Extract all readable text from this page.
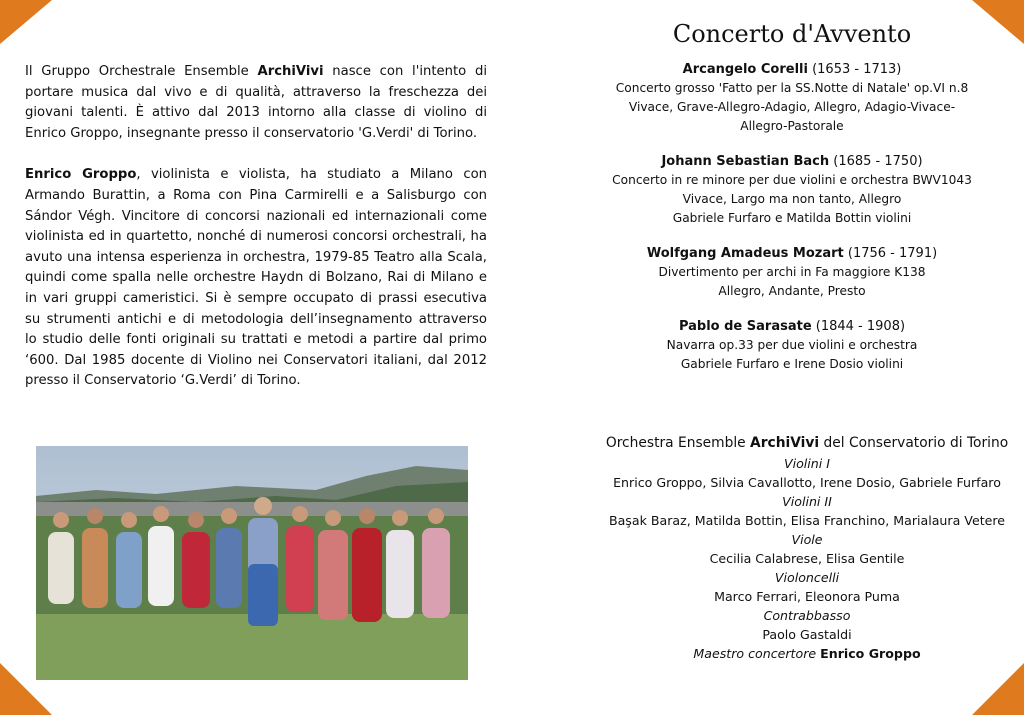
Il Gruppo Orchestrale Ensemble ArchiVivi nasce con l'intento di portare musica dal vivo e di qualità, attraverso la freschezza dei giovani talenti. È attivo dal 2013 intorno alla classe di violino di Enrico Groppo, insegnante presso il conservatorio 'G.Verdi' di Torino.

Enrico Groppo, violinista e violista, ha studiato a Milano con Armando Burattin, a Roma con Pina Carmirelli e a Salisburgo con Sándor Végh. Vincitore di concorsi nazionali ed internazionali come violinista ed in quartetto, nonché di numerosi concorsi orchestrali, ha avuto una intensa esperienza in orchestra, 1979-85 Teatro alla Scala, quindi come spalla nelle orchestre Haydn di Bolzano, Rai di Milano e in vari gruppi cameristici. Si è sempre occupato di prassi esecutiva su strumenti antichi e di metodologia dell’insegnamento attraverso lo studio delle fonti originali su trattati e metodi a partire dal primo ‘600. Dal 1985 docente di Violino nei Conservatori italiani, dal 2012 presso il Conservatorio ‘G.Verdi’ di Torino.

Concerto d'Avvento
Arcangelo Corelli (1653 - 1713)
Concerto grosso 'Fatto per la SS.Notte di Natale' op.VI n.8
Vivace, Grave-Allegro-Adagio, Allegro, Adagio-Vivace-
Allegro-Pastorale
Johann Sebastian Bach (1685 - 1750)
Concerto in re minore per due violini e orchestra BWV1043
Vivace, Largo ma non tanto, Allegro
Gabriele Furfaro e Matilda Bottin violini
Wolfgang Amadeus Mozart (1756 - 1791)
Divertimento per archi in Fa maggiore K138
Allegro, Andante, Presto
Pablo de Sarasate (1844 - 1908)
Navarra op.33 per due violini e orchestra
Gabriele Furfaro e Irene Dosio violini
Orchestra Ensemble ArchiVivi del Conservatorio di Torino
Violini I
Enrico Groppo, Silvia Cavallotto, Irene Dosio, Gabriele Furfaro
Violini II
Başak Baraz, Matilda Bottin, Elisa Franchino, Marialaura Vetere
Viole
Cecilia Calabrese, Elisa Gentile
Violoncelli
Marco Ferrari, Eleonora Puma
Contrabbasso
Paolo Gastaldi
Maestro concertore Enrico Groppo
